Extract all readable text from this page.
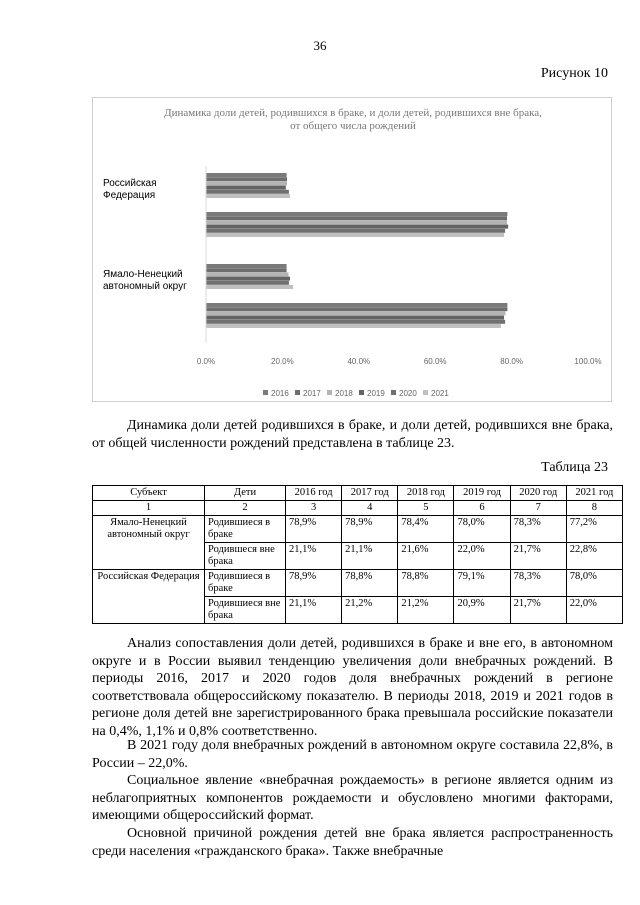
36
Рисунок 10
Динамика доли детей, родившихся в браке, и доли детей, родившихся вне брака,
от общего числа рождений
Российская
Федерация
Ямало-Ненецкий
автономный округ
0.0%	20.0%	40.0%	60.0%	80.0%	100.0%
2016 2017 2018 2019 2020 2021
Динамика доли детей родившихся в браке, и доли детей, родившихся вне брака, от общей численности рождений представлена в таблице 23.
Таблица 23
Субъект	Дети	2016 год	2017 год	2018 год	2019 год	2020 год	2021 год
1	2	3	4	5	6	7	8
Ямало-Ненецкий автономный округ	Родившиеся в браке	78,9%	78,9%	78,4%	78,0%	78,3%	77,2%
	Родившеся вне брака	21,1%	21,1%	21,6%	22,0%	21,7%	22,8%
Российская Федерация	Родившиеся в браке	78,9%	78,8%	78,8%	79,1%	78,3%	78,0%
	Родившиеся вне брака	21,1%	21,2%	21,2%	20,9%	21,7%	22,0%
Анализ сопоставления доли детей, родившихся в браке и вне его, в автономном округе и в России выявил тенденцию увеличения доли внебрачных рождений. В периоды 2016, 2017 и 2020 годов доля внебрачных рождений в регионе соответствовала общероссийскому показателю. В периоды 2018, 2019 и 2021 годов в регионе доля детей вне зарегистрированного брака превышала российские показатели на 0,4%, 1,1% и 0,8% соответственно.
В 2021 году доля внебрачных рождений в автономном округе составила 22,8%, в России – 22,0%.
Социальное явление «внебрачная рождаемость» в регионе является одним из неблагоприятных компонентов рождаемости и обусловлено многими факторами, имеющими общероссийский формат.
Основной причиной рождения детей вне брака является распространенность среди населения «гражданского брака». Также внебрачные
